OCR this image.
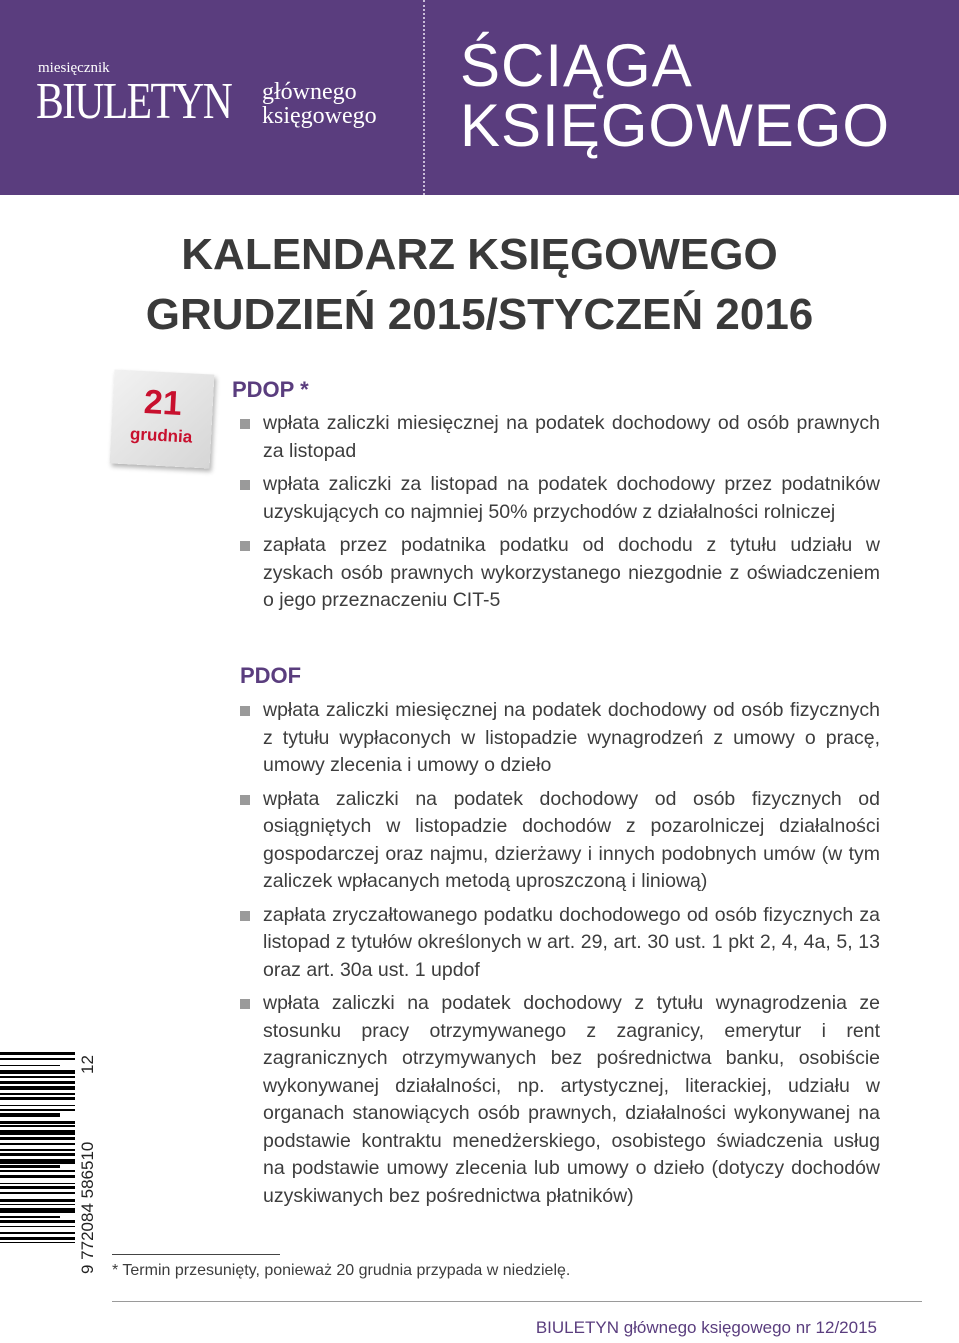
miesięcznik
BIULETYN głównego
księgowego
ŚCIĄGA
KSIĘGOWEGO
KALENDARZ KSIĘGOWEGO
GRUDZIEŃ 2015/STYCZEŃ 2016
21
grudnia
PDOP *
wpłata zaliczki miesięcznej na podatek dochodowy od osób prawnych za listopad
wpłata zaliczki za listopad na podatek dochodowy przez podatników uzyskujących co najmniej 50% przychodów z działalności rolniczej
zapłata przez podatnika podatku od dochodu z tytułu udziału w zyskach osób prawnych wykorzystanego niezgodnie z oświadczeniem o jego przeznaczeniu CIT-5
PDOF
wpłata zaliczki miesięcznej na podatek dochodowy od osób fizycznych z tytułu wypłaconych w listopadzie wynagrodzeń z umowy o pracę, umowy zlecenia i umowy o dzieło
wpłata zaliczki na podatek dochodowy od osób fizycznych od osiągniętych w listopadzie dochodów z pozarolniczej działalności gospodarczej oraz najmu, dzierżawy i innych podobnych umów (w tym zaliczek wpłacanych metodą uproszczoną i liniową)
zapłata zryczałtowanego podatku dochodowego od osób fizycznych za listopad z tytułów określonych w art. 29, art. 30 ust. 1 pkt 2, 4, 4a, 5, 13 oraz art. 30a ust. 1 updof
wpłata zaliczki na podatek dochodowy z tytułu wynagrodzenia ze stosunku pracy otrzymywanego z zagranicy, emerytur i rent zagranicznych otrzymywanych bez pośrednictwa banku, osobiście wykonywanej działalności, np. artystycznej, literackiej, udziału w organach stanowiących osób prawnych, działalności wykonywanej na podstawie kontraktu menedżerskiego, osobistego świadczenia usług na podstawie umowy zlecenia lub umowy o dzieło (dotyczy dochodów uzyskiwanych bez pośrednictwa płatników)
9 772084 586510
12
* Termin przesunięty, ponieważ 20 grudnia przypada w niedzielę.
BIULETYN głównego księgowego nr 12/2015
